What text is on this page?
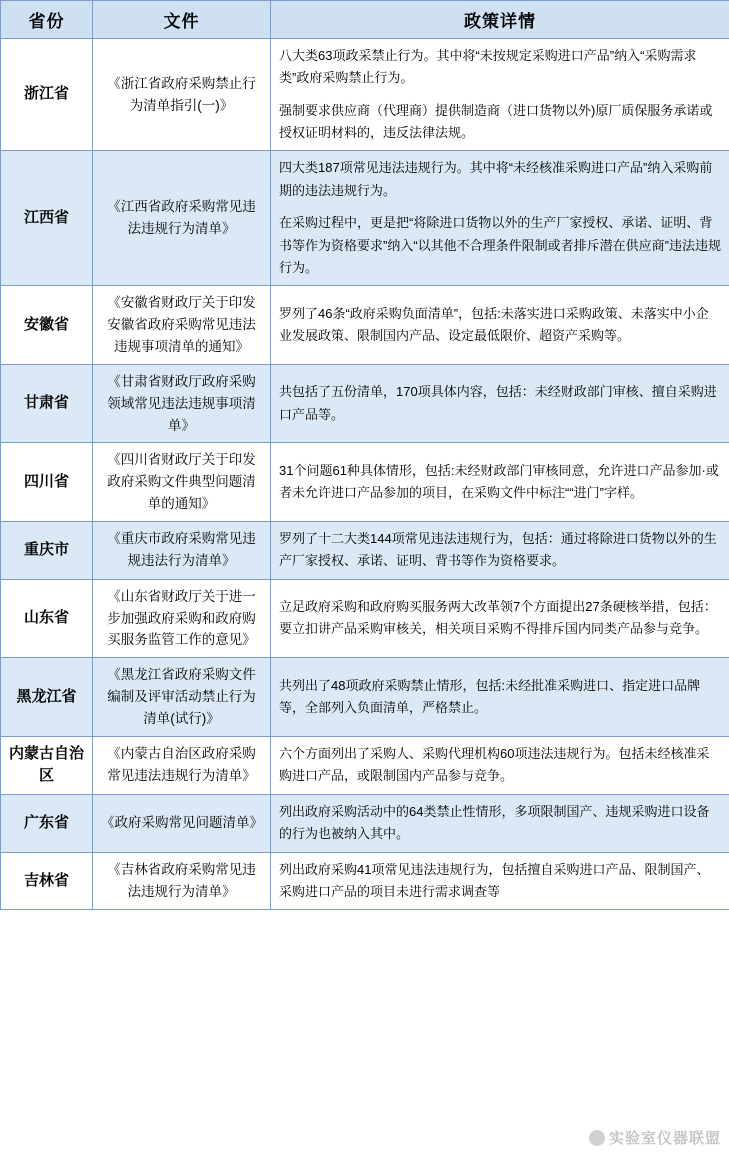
省份	文件	政策详情
浙江省	《浙江省政府采购禁止行为清单指引(一)》	八大类63项政采禁止行为。其中将“未按规定采购进口产品”纳入“采购需求类”政府采购禁止行为。

强制要求供应商（代理商）提供制造商（进口货物以外)原厂质保服务承诺或授权证明材料的，违反法律法规。

江西省	《江西省政府采购常见违法违规行为清单》	四大类187项常见违法违规行为。其中将“未经核准采购进口产品”纳入采购前期的违法违规行为。

在采购过程中，更是把“将除进口货物以外的生产厂家授权、承诺、证明、背书等作为资格要求”纳入“以其他不合理条件限制或者排斥潜在供应商”违法违规行为。

安徽省	《安徽省财政厅关于印发安徽省政府采购常见违法违规事项清单的通知》	罗列了46条“政府采购负面清单”，包括:未落实进口采购政策、未落实中小企业发展政策、限制国内产品、设定最低限价、超资产采购等。

甘肃省	《甘肃省财政厅政府采购领域常见违法违规事项清单》	共包括了五份清单，170项具体内容，包括：未经财政部门审核、擅自采购进口产品等。

四川省	《四川省财政厅关于印发政府采购文件典型问题清单的通知》	31个问题61种具体情形，包括:未经财政部门审核同意，允许进口产品参加·或者未允许进口产品参加的项目，在采购文件中标注““进门”字样。

重庆市	《重庆市政府采购常见违规违法行为清单》	罗列了十二大类144项常见违法违规行为，包括：通过将除进口货物以外的生产厂家授权、承诺、证明、背书等作为资格要求。

山东省	《山东省财政厅关于进一步加强政府采购和政府购买服务监管工作的意见》	立足政府采购和政府购买服务两大改革领7个方面提出27条硬核举措，包括：要立扣讲产品采购审核关，相关项目采购不得排斥国内同类产品参与竞争。

黑龙江省	《黑龙江省政府采购文件编制及评审活动禁止行为清单(试行)》	共列出了48项政府采购禁止情形，包括:未经批准采购进口、指定进口品牌等，全部列入负面清单，严格禁止。

内蒙古自治区	《内蒙古自治区政府采购常见违法违规行为清单》	六个方面列出了采购人、采购代理机构60项违法违规行为。包括未经核准采购进口产品，或限制国内产品参与竞争。

广东省	《政府采购常见问题清单》	列出政府采购活动中的64类禁止性情形，多项限制国产、违规采购进口设备的行为也被纳入其中。

吉林省	《吉林省政府采购常见违法违规行为清单》	列出政府采购41项常见违法违规行为，包括擅自采购进口产品、限制国产、采购进口产品的项目未进行需求调查等

实验室仪器联盟
